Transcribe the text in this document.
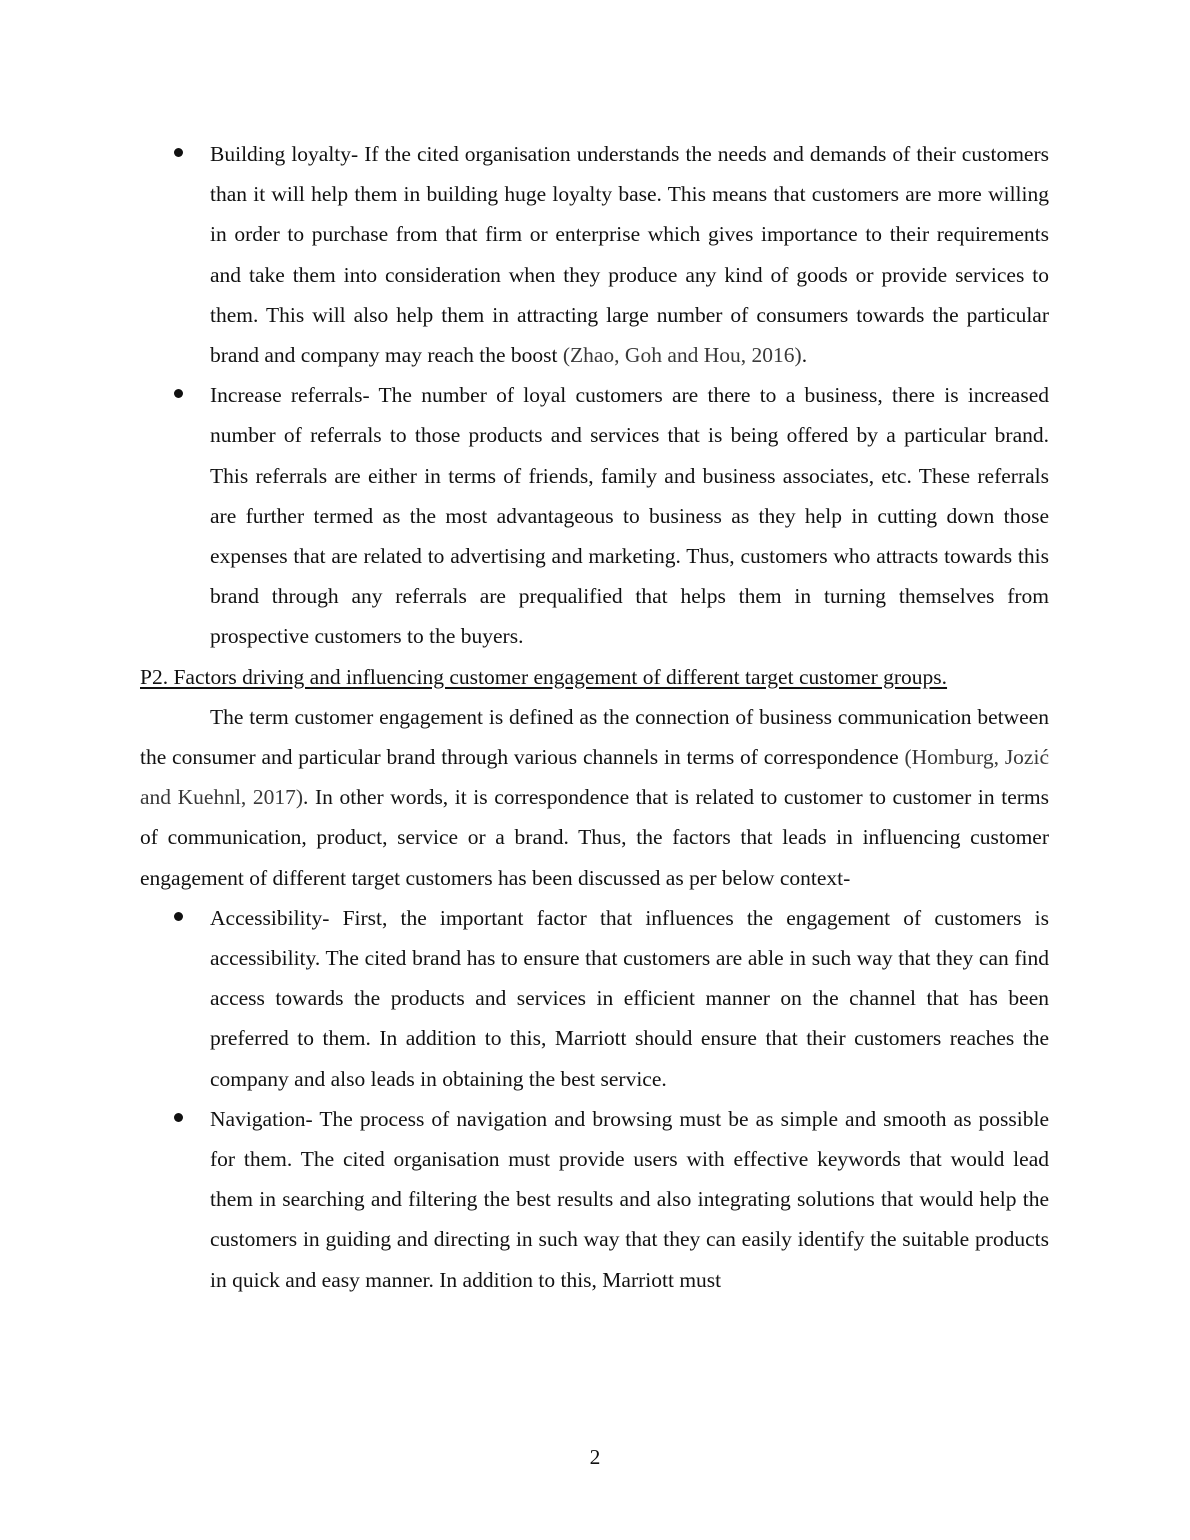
Building loyalty- If the cited organisation understands the needs and demands of their customers than it will help them in building huge loyalty base. This means that customers are more willing in order to purchase from that firm or enterprise which gives importance to their requirements and take them into consideration when they produce any kind of goods or provide services to them. This will also help them in attracting large number of consumers towards the particular brand and company may reach the boost (Zhao, Goh and Hou, 2016).
Increase referrals- The number of loyal customers are there to a business, there is increased number of referrals to those products and services that is being offered by a particular brand. This referrals are either in terms of friends, family and business associates, etc. These referrals are further termed as the most advantageous to business as they help in cutting down those expenses that are related to advertising and marketing. Thus, customers who attracts towards this brand through any referrals are prequalified that helps them in turning themselves from prospective customers to the buyers.

P2. Factors driving and influencing customer engagement of different target customer groups.

The term customer engagement is defined as the connection of business communication between the consumer and particular brand through various channels in terms of correspondence (Homburg, Jozić and Kuehnl, 2017). In other words, it is correspondence that is related to customer to customer in terms of communication, product, service or a brand. Thus, the factors that leads in influencing customer engagement of different target customers has been discussed as per below context-

Accessibility- First, the important factor that influences the engagement of customers is accessibility. The cited brand has to ensure that customers are able in such way that they can find access towards the products and services in efficient manner on the channel that has been preferred to them. In addition to this, Marriott should ensure that their customers reaches the company and also leads in obtaining the best service.
Navigation- The process of navigation and browsing must be as simple and smooth as possible for them. The cited organisation must provide users with effective keywords that would lead them in searching and filtering the best results and also integrating solutions that would help the customers in guiding and directing in such way that they can easily identify the suitable products in quick and easy manner. In addition to this, Marriott must
2
